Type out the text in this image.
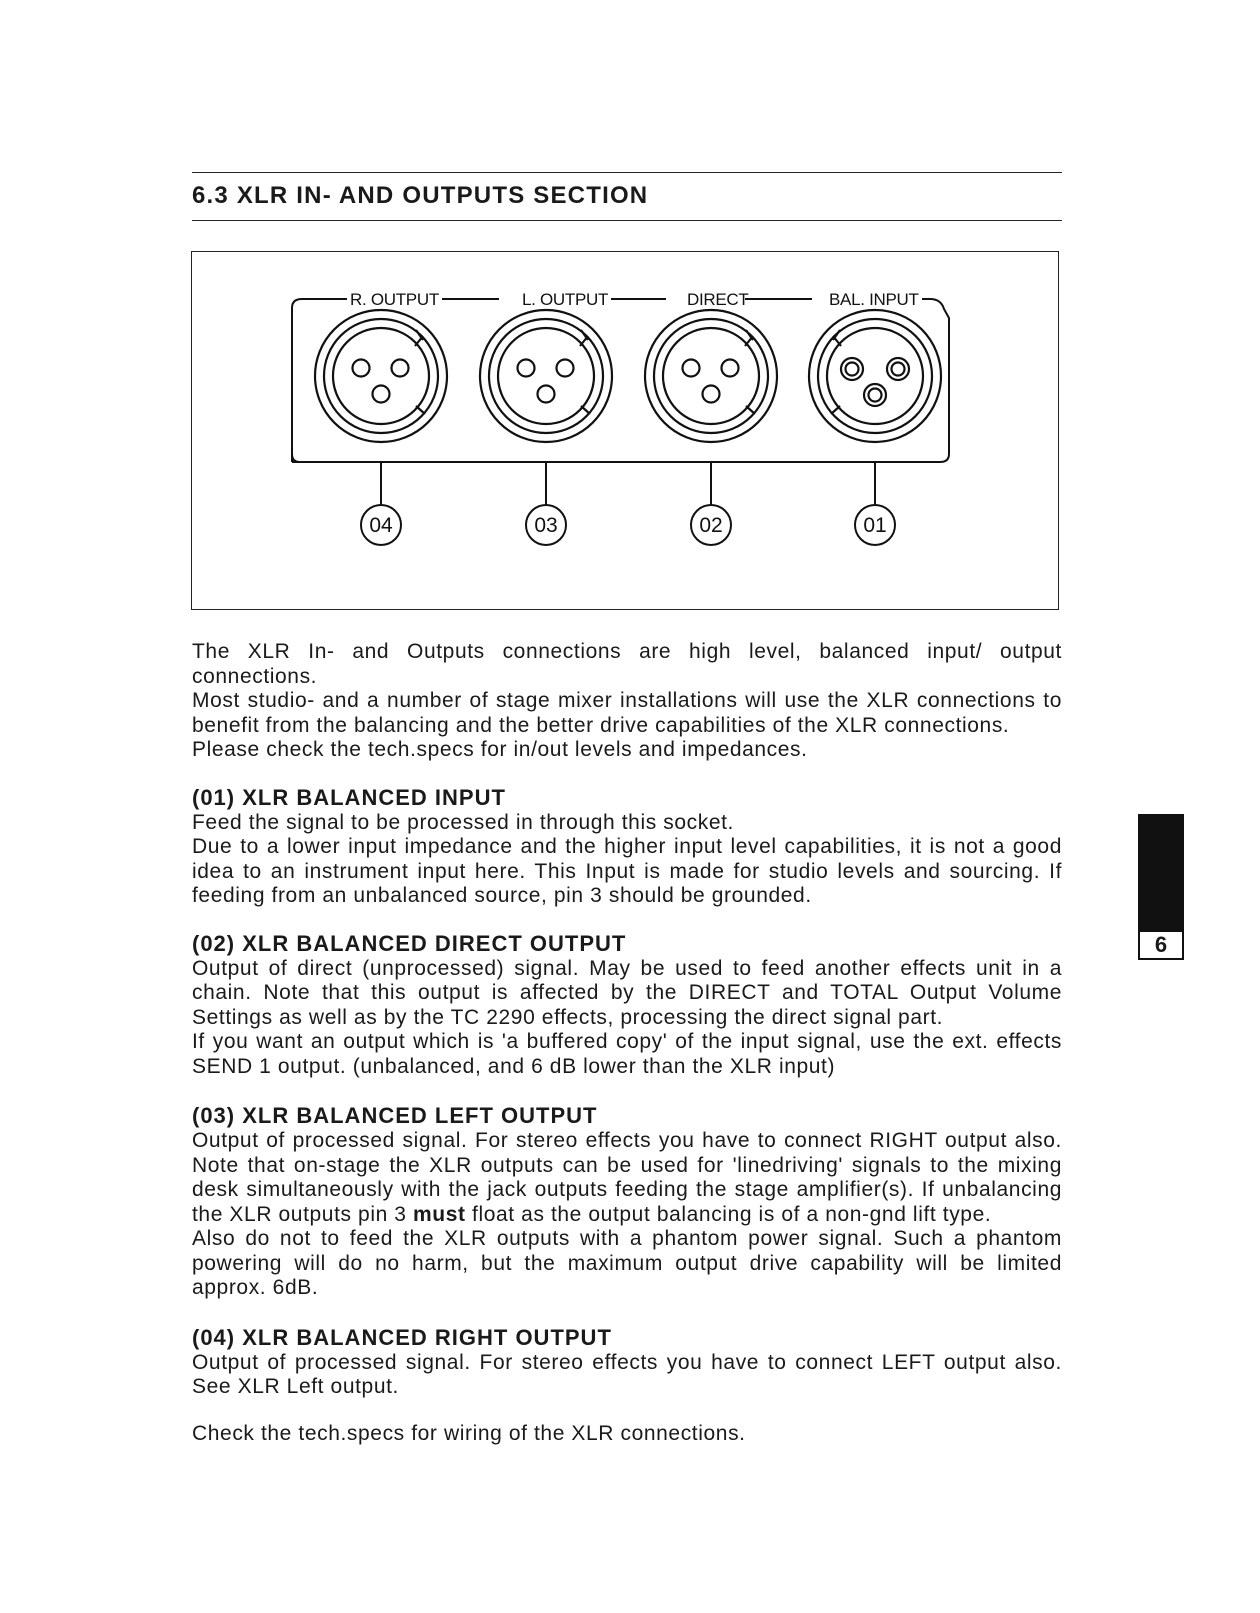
6.3 XLR IN- AND OUTPUTS SECTION
R. OUTPUT	L. OUTPUT	DIRECT	BAL. INPUT
04	03	02	01

The XLR In- and Outputs connections are high level, balanced input/ output connections.

Most studio- and a number of stage mixer installations will use the XLR connections to benefit from the balancing and the better drive capabilities of the XLR connections.

Please check the tech.specs for in/out levels and impedances.

(01) XLR BALANCED INPUT

Feed the signal to be processed in through this socket.

Due to a lower input impedance and the higher input level capabilities, it is not a good idea to an instrument input here. This Input is made for studio levels and sourcing. If feeding from an unbalanced source, pin 3 should be grounded.

(02) XLR BALANCED DIRECT OUTPUT

Output of direct (unprocessed) signal. May be used to feed another effects unit in a chain. Note that this output is affected by the DIRECT and TOTAL Output Volume Settings as well as by the TC 2290 effects, processing the direct signal part.

If you want an output which is 'a buffered copy' of the input signal, use the ext. effects SEND 1 output. (unbalanced, and 6 dB lower than the XLR input)

(03) XLR BALANCED LEFT OUTPUT

Output of processed signal. For stereo effects you have to connect RIGHT output also. Note that on-stage the XLR outputs can be used for 'linedriving' signals to the mixing desk simultaneously with the jack outputs feeding the stage amplifier(s). If unbalancing the XLR outputs pin 3 must float as the output balancing is of a non-gnd lift type.

Also do not to feed the XLR outputs with a phantom power signal. Such a phantom powering will do no harm, but the maximum output drive capability will be limited approx. 6dB.

(04) XLR BALANCED RIGHT OUTPUT

Output of processed signal. For stereo effects you have to connect LEFT output also. See XLR Left output.

Check the tech.specs for wiring of the XLR connections.

6
